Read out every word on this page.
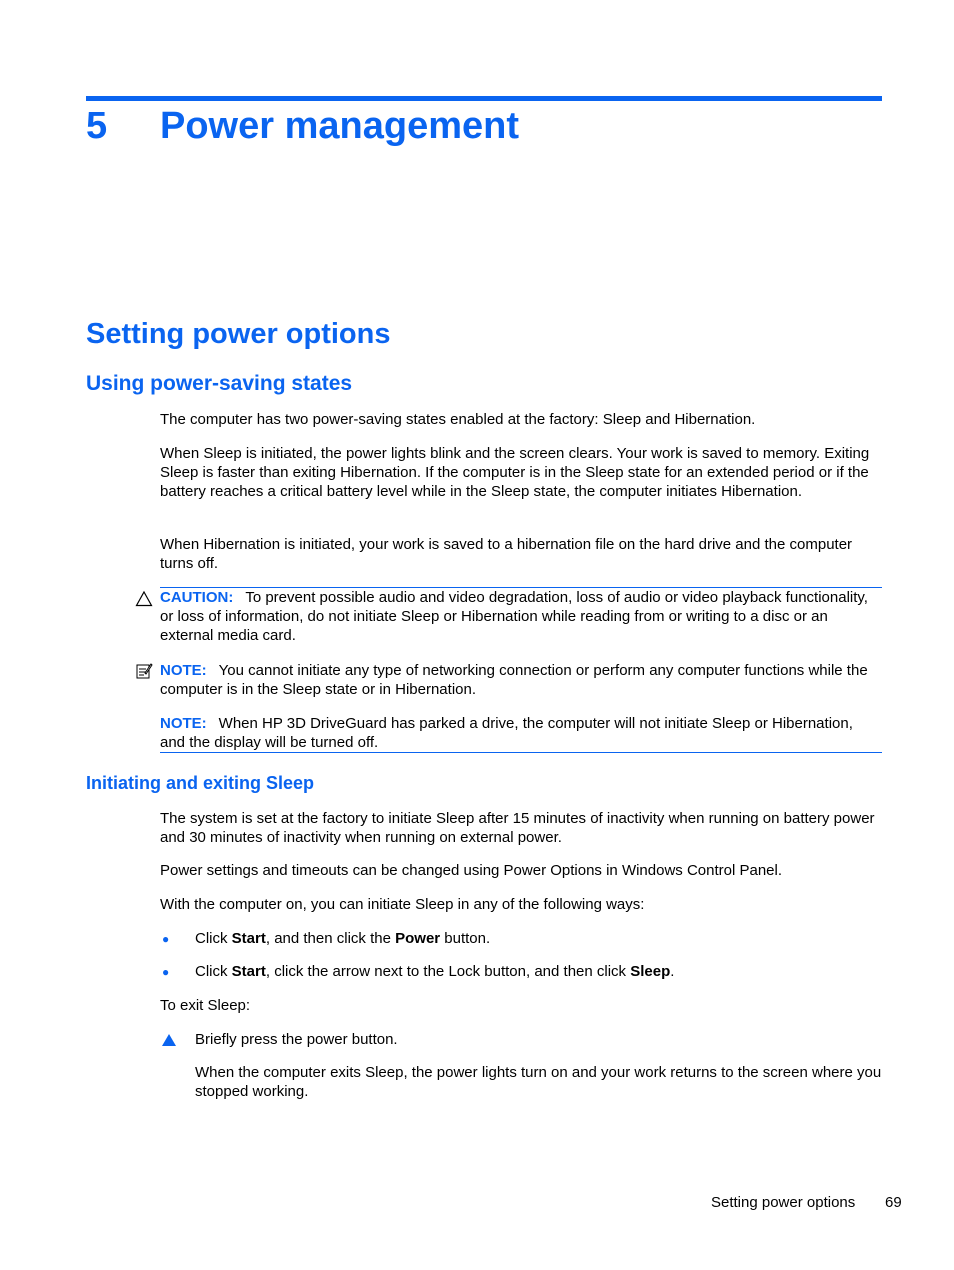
5 Power management
Setting power options
Using power-saving states
The computer has two power-saving states enabled at the factory: Sleep and Hibernation.
When Sleep is initiated, the power lights blink and the screen clears. Your work is saved to memory. Exiting Sleep is faster than exiting Hibernation. If the computer is in the Sleep state for an extended period or if the battery reaches a critical battery level while in the Sleep state, the computer initiates Hibernation.
When Hibernation is initiated, your work is saved to a hibernation file on the hard drive and the computer turns off.
CAUTION: To prevent possible audio and video degradation, loss of audio or video playback functionality, or loss of information, do not initiate Sleep or Hibernation while reading from or writing to a disc or an external media card.
NOTE: You cannot initiate any type of networking connection or perform any computer functions while the computer is in the Sleep state or in Hibernation.
NOTE: When HP 3D DriveGuard has parked a drive, the computer will not initiate Sleep or Hibernation, and the display will be turned off.
Initiating and exiting Sleep
The system is set at the factory to initiate Sleep after 15 minutes of inactivity when running on battery power and 30 minutes of inactivity when running on external power.
Power settings and timeouts can be changed using Power Options in Windows Control Panel.
With the computer on, you can initiate Sleep in any of the following ways:
● Click Start, and then click the Power button.
● Click Start, click the arrow next to the Lock button, and then click Sleep.
To exit Sleep:
Briefly press the power button.
When the computer exits Sleep, the power lights turn on and your work returns to the screen where you stopped working.
Setting power options 69
